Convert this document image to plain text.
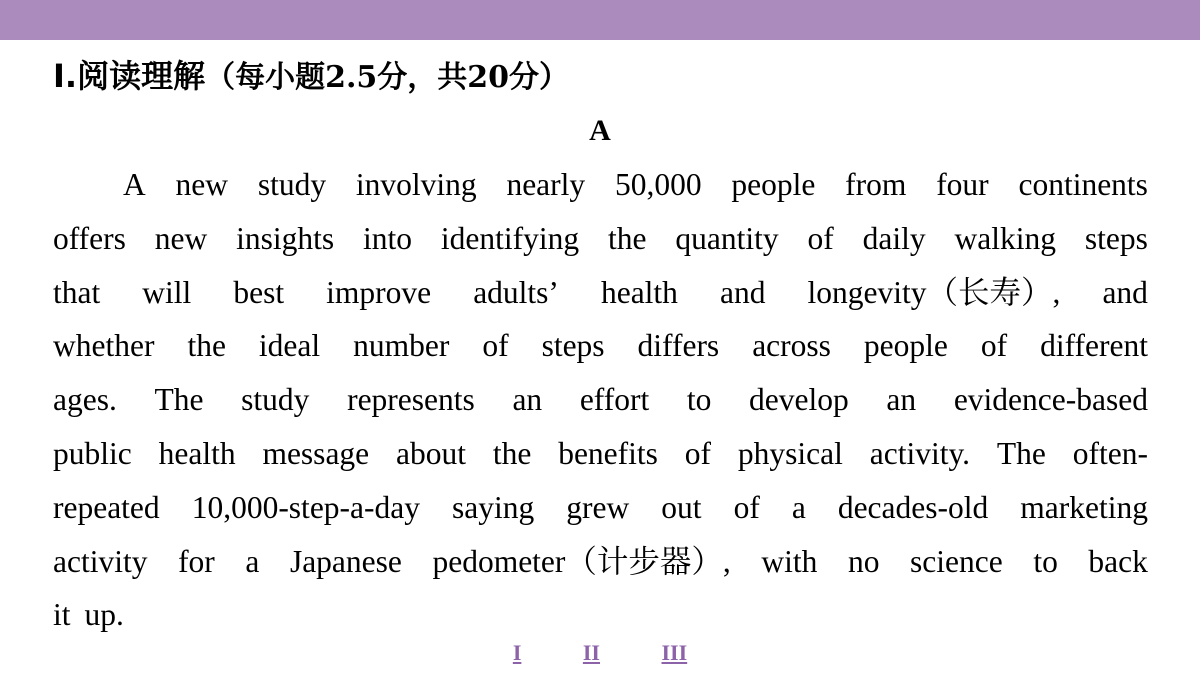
I.阅读理解（每小题2.5分，共20分）
A
A new study involving nearly 50,000 people from four continents
offers new insights into identifying the quantity of daily walking steps
that will best improve adults’ health and longevity（长寿）, and
whether the ideal number of steps differs across people of different
ages. The study represents an effort to develop an evidence-based
public health message about the benefits of physical activity. The often-
repeated 10,000-step-a-day saying grew out of a decades-old marketing
activity for a Japanese pedometer（计步器）, with no science to back
it up.
I	II	III
